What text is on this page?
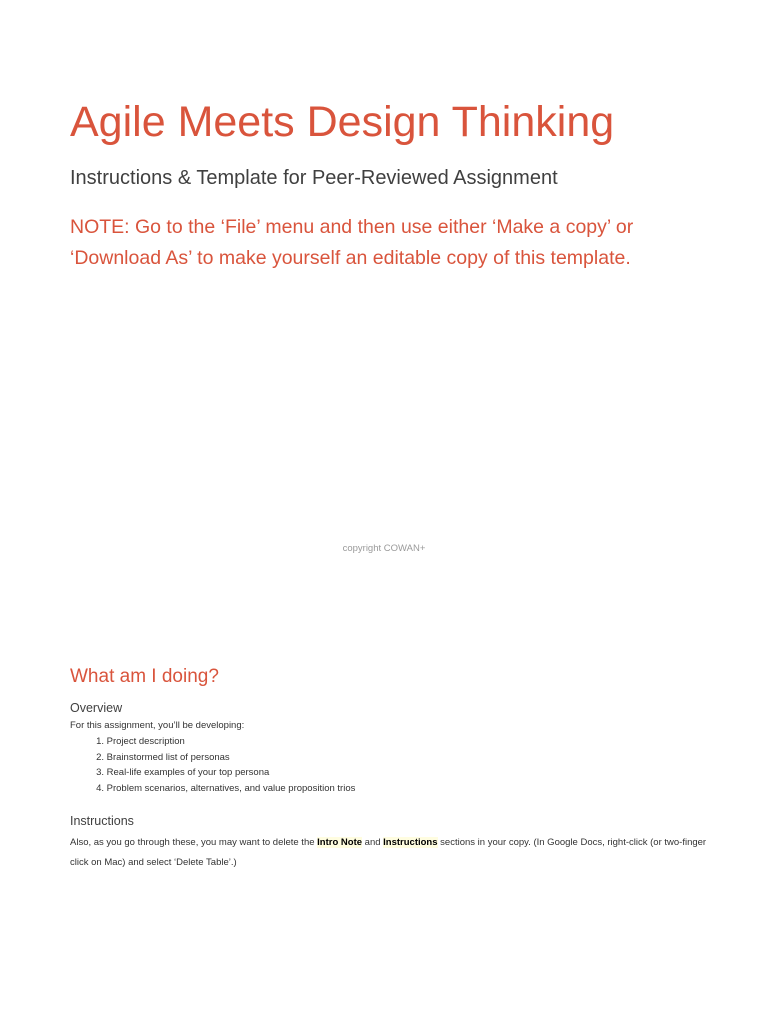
Agile Meets Design Thinking

Instructions & Template for Peer-Reviewed Assignment

NOTE: Go to the ‘File’ menu and then use either ‘Make a copy’ or
‘Download As’ to make yourself an editable copy of this template.

copyright COWAN+

What am I doing?
Overview

For this assignment, you’ll be developing:

1. Project description
2. Brainstormed list of personas
3. Real-life examples of your top persona
4. Problem scenarios, alternatives, and value proposition trios
Instructions

Also, as you go through these, you may want to delete the Intro Note and Instructions sections in your copy. (In Google Docs, right-click (or two-finger
click on Mac) and select ‘Delete Table’.)
